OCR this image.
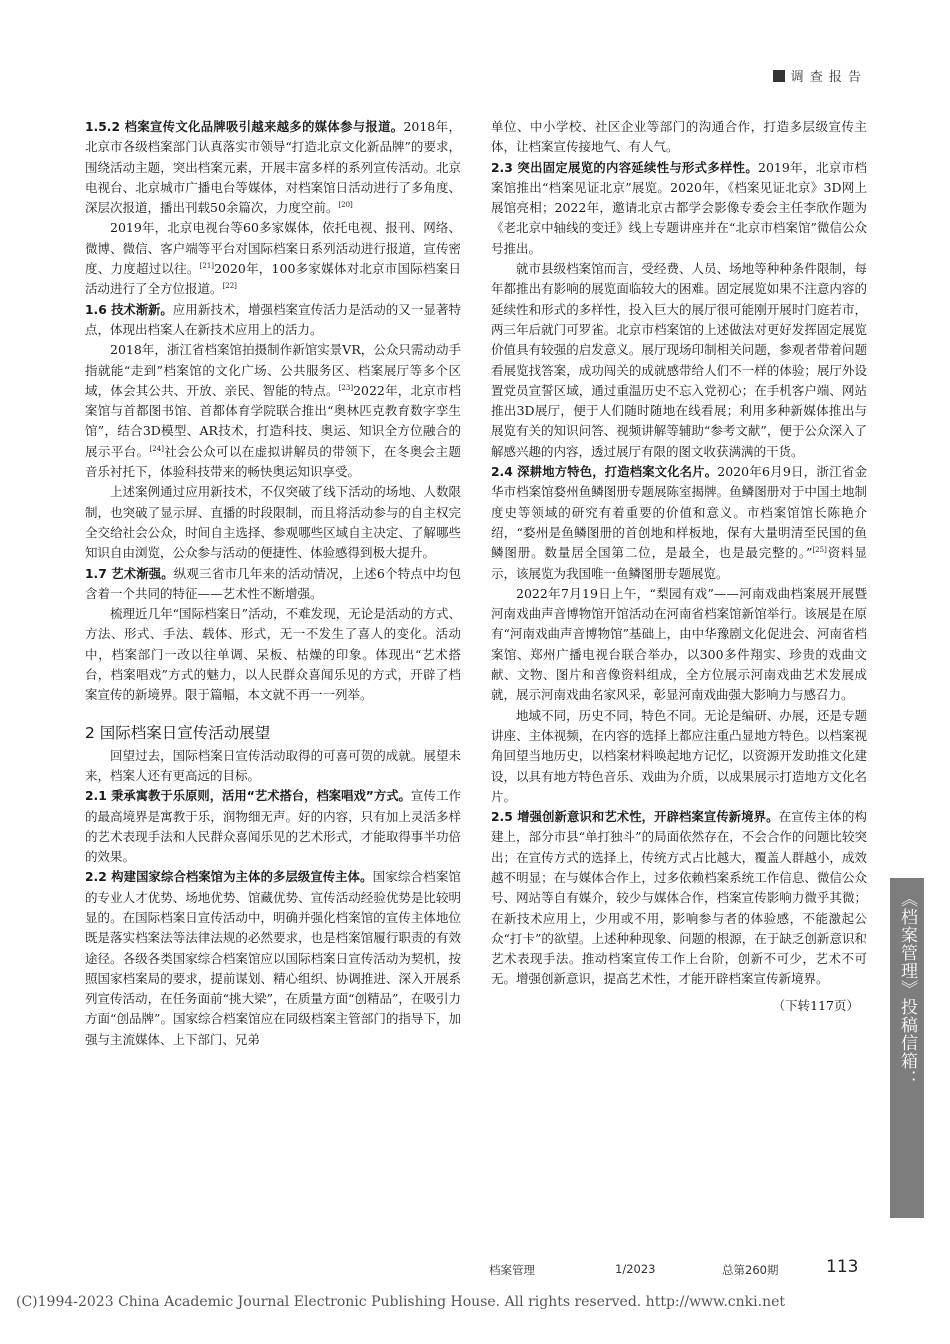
调 查 报 告
1.5.2 档案宣传文化品牌吸引越来越多的媒体参与报道。2018年，北京市各级档案部门认真落实市领导“打造北京文化新品牌”的要求，围绕活动主题，突出档案元素，开展丰富多样的系列宣传活动。北京电视台、北京城市广播电台等媒体，对档案馆日活动进行了多角度、深层次报道，播出刊载50余篇次，力度空前。[20]
2019年，北京电视台等60多家媒体，依托电视、报刊、网络、微博、微信、客户端等平台对国际档案日系列活动进行报道，宣传密度、力度超过以往。[21]2020年，100多家媒体对北京市国际档案日活动进行了全方位报道。[22]
1.6 技术渐新。应用新技术，增强档案宣传活力是活动的又一显著特点，体现出档案人在新技术应用上的活力。
2018年，浙江省档案馆拍摄制作新馆实景VR，公众只需动动手指就能“走到”档案馆的文化广场、公共服务区、档案展厅等多个区域，体会其公共、开放、亲民、智能的特点。[23]2022年，北京市档案馆与首都图书馆、首都体育学院联合推出“奥林匹克教育数字孪生馆”，结合3D模型、AR技术，打造科技、奥运、知识全方位融合的展示平台。[24]社会公众可以在虚拟讲解员的带领下，在冬奥会主题音乐衬托下，体验科技带来的畅快奥运知识享受。
上述案例通过应用新技术，不仅突破了线下活动的场地、人数限制，也突破了显示屏、直播的时段限制，而且将活动参与的自主权完全交给社会公众，时间自主选择、参观哪些区域自主决定、了解哪些知识自由浏览，公众参与活动的便捷性、体验感得到极大提升。
1.7 艺术渐强。纵观三省市几年来的活动情况，上述6个特点中均包含着一个共同的特征——艺术性不断增强。
梳理近几年“国际档案日”活动，不难发现，无论是活动的方式、方法、形式、手法、载体、形式，无一不发生了喜人的变化。活动中，档案部门一改以往单调、呆板、枯燥的印象。体现出“艺术搭台，档案唱戏”方式的魅力，以人民群众喜闻乐见的方式，开辟了档案宣传的新境界。限于篇幅，本文就不再一一列举。
2 国际档案日宣传活动展望
回望过去，国际档案日宣传活动取得的可喜可贺的成就。展望未来，档案人还有更高远的目标。
2.1 秉承寓教于乐原则，活用“艺术搭台，档案唱戏”方式。宣传工作的最高境界是寓教于乐，润物细无声。好的内容，只有加上灵活多样的艺术表现手法和人民群众喜闻乐见的艺术形式，才能取得事半功倍的效果。
2.2 构建国家综合档案馆为主体的多层级宣传主体。国家综合档案馆的专业人才优势、场地优势、馆藏优势、宣传活动经验优势是比较明显的。在国际档案日宣传活动中，明确并强化档案馆的宣传主体地位既是落实档案法等法律法规的必然要求，也是档案馆履行职责的有效途径。各级各类国家综合档案馆应以国际档案日宣传活动为契机，按照国家档案局的要求，提前谋划、精心组织、协调推进、深入开展系列宣传活动，在任务面前“挑大梁”，在质量方面“创精品”，在吸引力方面“创品牌”。国家综合档案馆应在同级档案主管部门的指导下，加强与主流媒体、上下部门、兄弟
单位、中小学校、社区企业等部门的沟通合作，打造多层级宣传主体，让档案宣传接地气、有人气。
2.3 突出固定展览的内容延续性与形式多样性。2019年，北京市档案馆推出“档案见证北京”展览。2020年，《档案见证北京》3D网上展馆亮相；2022年，邀请北京古都学会影像专委会主任李欣作题为《老北京中轴线的变迁》线上专题讲座并在“北京市档案馆”微信公众号推出。
就市县级档案馆而言，受经费、人员、场地等种种条件限制，每年都推出有影响的展览面临较大的困难。固定展览如果不注意内容的延续性和形式的多样性，投入巨大的展厅很可能刚开展时门庭若市，两三年后就门可罗雀。北京市档案馆的上述做法对更好发挥固定展览价值具有较强的启发意义。展厅现场印制相关问题，参观者带着问题看展览找答案，成功闯关的成就感带给人们不一样的体验；展厅外设置党员宣誓区域，通过重温历史不忘入党初心；在手机客户端、网站推出3D展厅，便于人们随时随地在线看展；利用多种新媒体推出与展览有关的知识问答、视频讲解等辅助“参考文献”，便于公众深入了解感兴趣的内容，透过展厅有限的图文收获满满的干货。
2.4 深耕地方特色，打造档案文化名片。2020年6月9日，浙江省金华市档案馆婺州鱼鳞图册专题展陈室揭牌。鱼鳞图册对于中国土地制度史等领域的研究有着重要的价值和意义。市档案馆馆长陈艳介绍，“婺州是鱼鳞图册的首创地和样板地，保有大量明清至民国的鱼鳞图册。数量居全国第二位，是最全，也是最完整的。”[25]资料显示，该展览为我国唯一鱼鳞图册专题展览。
2022年7月19日上午，“梨园有戏”——河南戏曲档案展开展暨河南戏曲声音博物馆开馆活动在河南省档案馆新馆举行。该展是在原有“河南戏曲声音博物馆”基础上，由中华豫剧文化促进会、河南省档案馆、郑州广播电视台联合举办，以300多件翔实、珍贵的戏曲文献、文物、图片和音像资料组成，全方位展示河南戏曲艺术发展成就，展示河南戏曲名家风采，彰显河南戏曲强大影响力与感召力。
地域不同，历史不同，特色不同。无论是编研、办展，还是专题讲座、主体视频，在内容的选择上都应注重凸显地方特色。以档案视角回望当地历史，以档案材料唤起地方记忆，以资源开发助推文化建设，以具有地方特色音乐、戏曲为介质，以成果展示打造地方文化名片。
2.5 增强创新意识和艺术性，开辟档案宣传新境界。在宣传主体的构建上，部分市县“单打独斗”的局面依然存在，不会合作的问题比较突出；在宣传方式的选择上，传统方式占比越大，覆盖人群越小，成效越不明显；在与媒体合作上，过多依赖档案系统工作信息、微信公众号、网站等自有媒介，较少与媒体合作，档案宣传影响力微乎其微；在新技术应用上，少用或不用，影响参与者的体验感，不能激起公众“打卡”的欲望。上述种种现象、问题的根源，在于缺乏创新意识和艺术表现手法。推动档案宣传工作上台阶，创新不可少，艺术不可无。增强创新意识，提高艺术性，才能开辟档案宣传新境界。
（下转117页）	《档案管理》投稿信箱：dagl@vip.163.com
档案管理	1/2023	总第260期	113
(C)1994-2023 China Academic Journal Electronic Publishing House. All rights reserved. http://www.cnki.net
